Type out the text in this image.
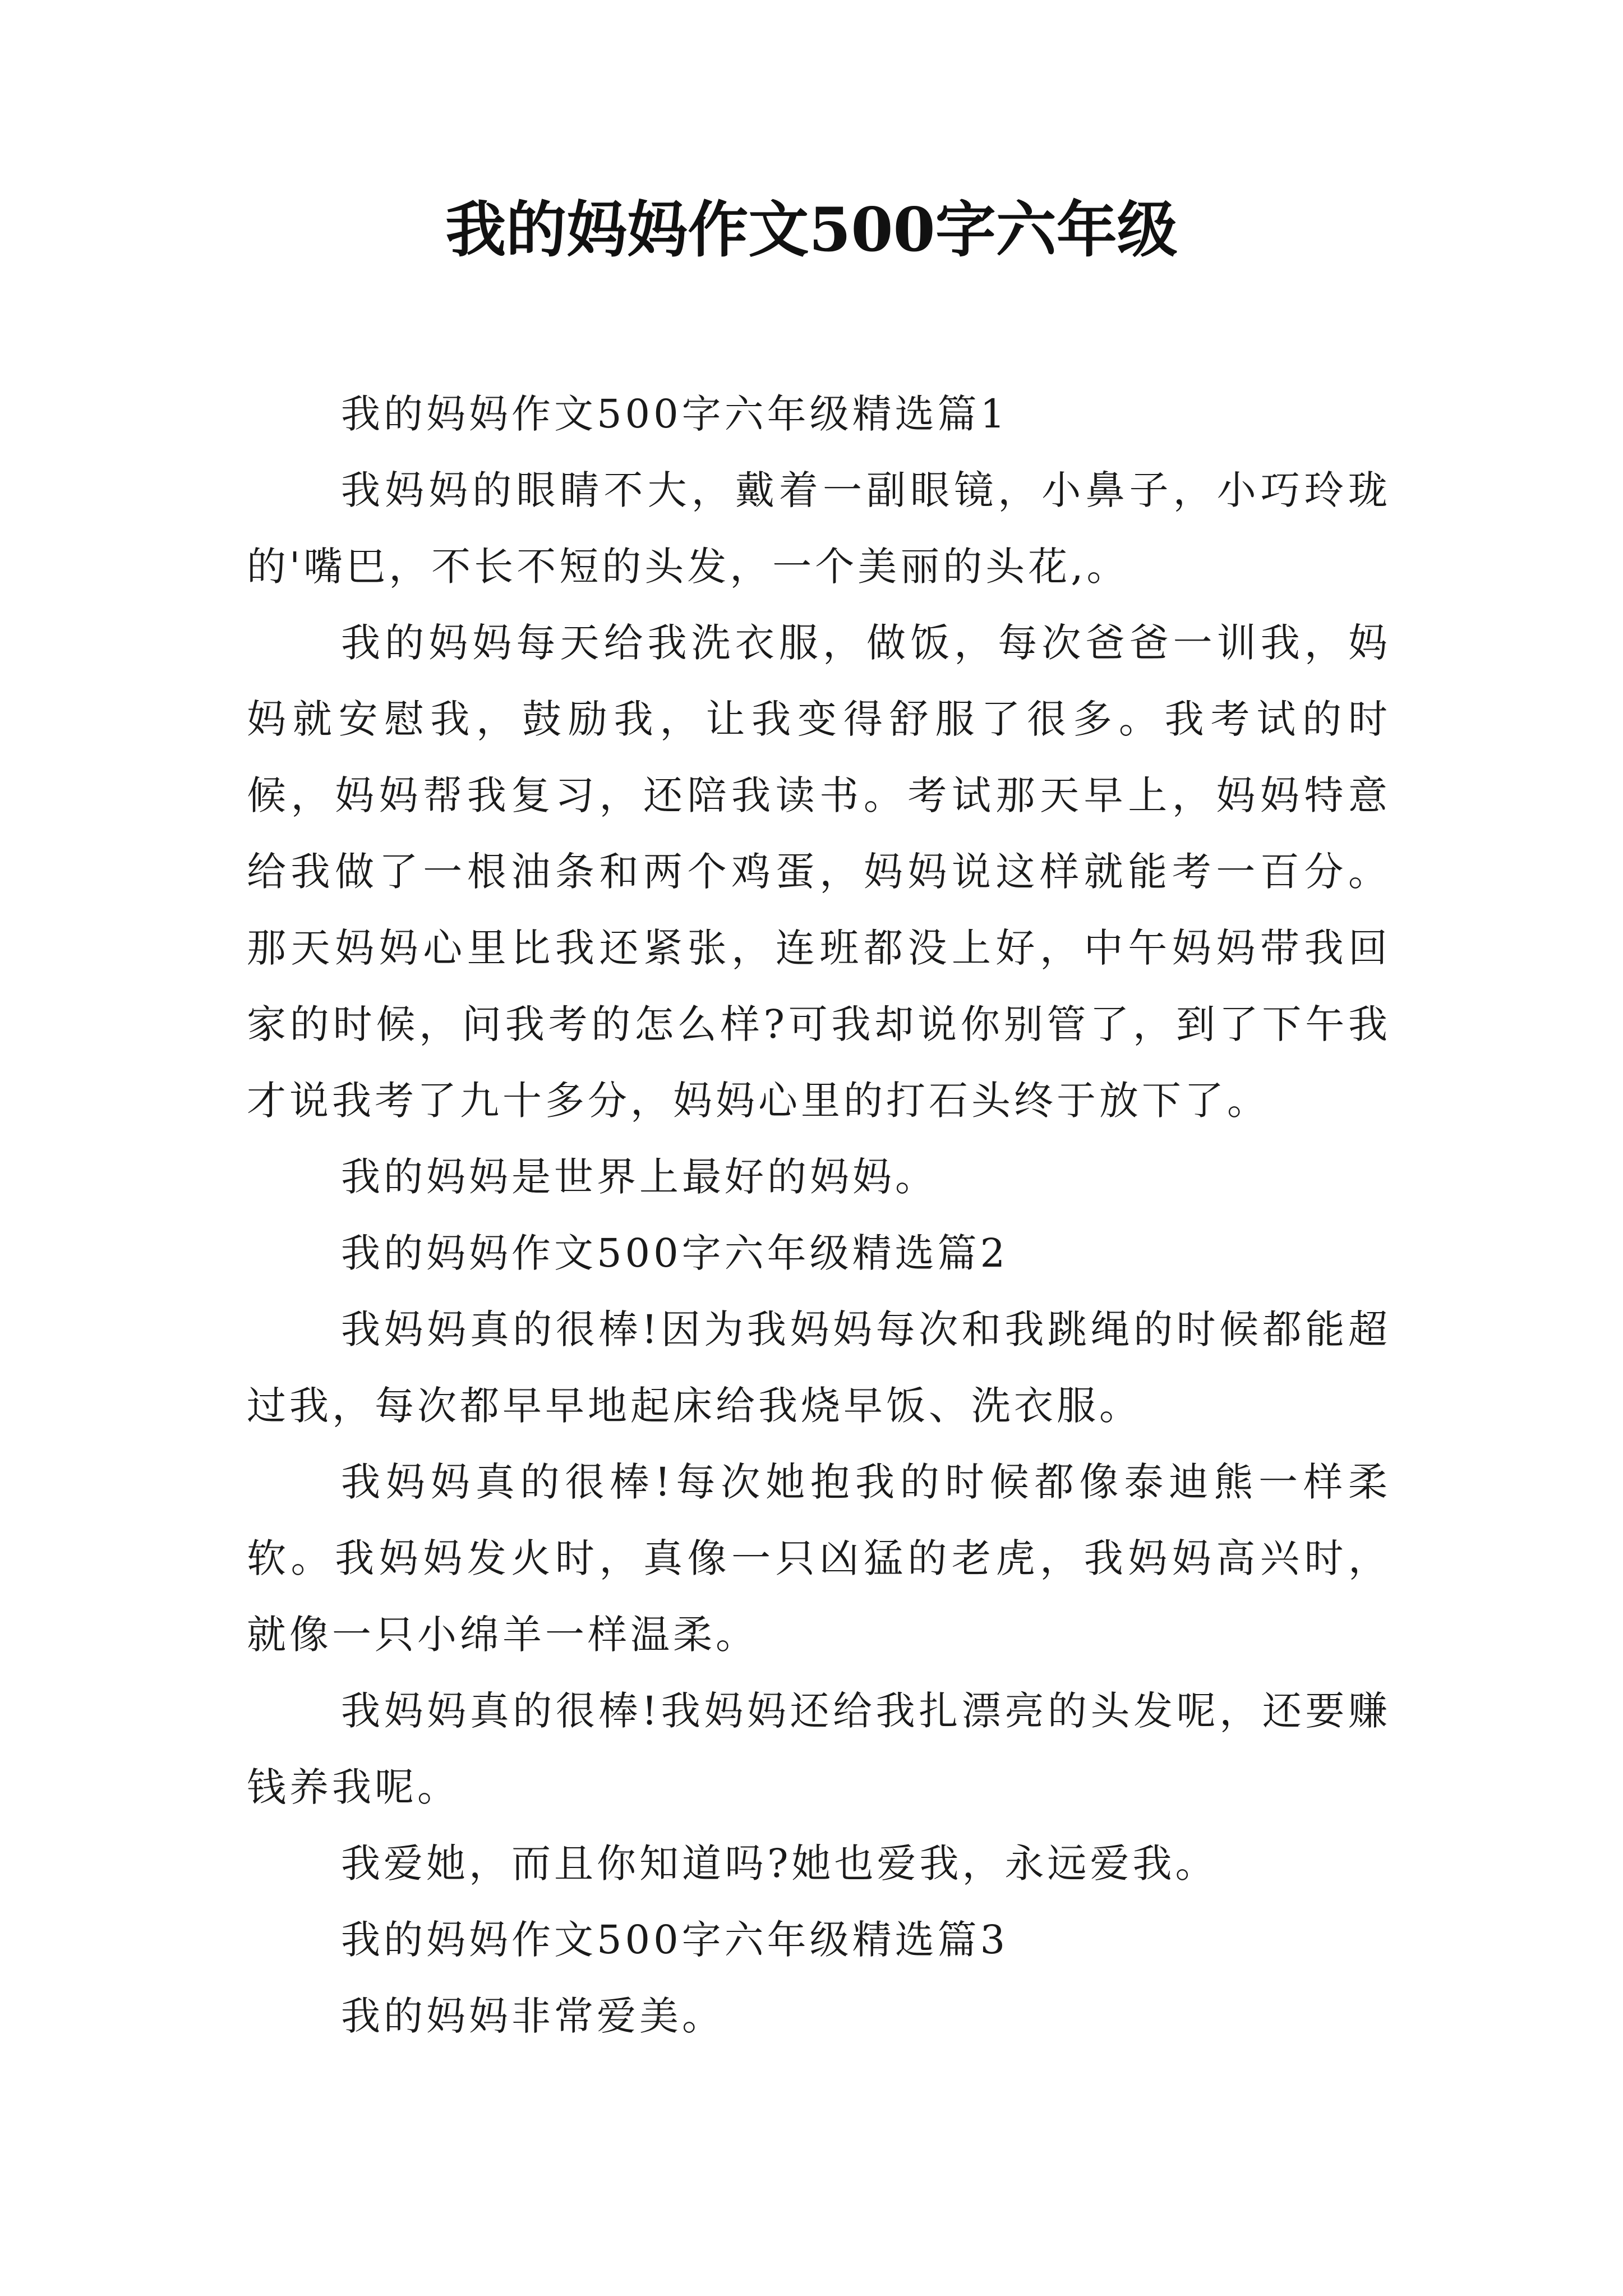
我的妈妈作文500字六年级

我的妈妈作文500字六年级精选篇1

我妈妈的眼睛不大，戴着一副眼镜，小鼻子，小巧玲珑的'嘴巴，不长不短的头发，一个美丽的头花,。

我的妈妈每天给我洗衣服，做饭，每次爸爸一训我，妈妈就安慰我，鼓励我，让我变得舒服了很多。我考试的时候，妈妈帮我复习，还陪我读书。考试那天早上，妈妈特意给我做了一根油条和两个鸡蛋，妈妈说这样就能考一百分。那天妈妈心里比我还紧张，连班都没上好，中午妈妈带我回家的时候，问我考的怎么样?可我却说你别管了，到了下午我才说我考了九十多分，妈妈心里的打石头终于放下了。

我的妈妈是世界上最好的妈妈。

我的妈妈作文500字六年级精选篇2

我妈妈真的很棒!因为我妈妈每次和我跳绳的时候都能超过我，每次都早早地起床给我烧早饭、洗衣服。

我妈妈真的很棒!每次她抱我的时候都像泰迪熊一样柔软。我妈妈发火时，真像一只凶猛的老虎，我妈妈高兴时，就像一只小绵羊一样温柔。

我妈妈真的很棒!我妈妈还给我扎漂亮的头发呢，还要赚钱养我呢。

我爱她，而且你知道吗?她也爱我，永远爱我。

我的妈妈作文500字六年级精选篇3

我的妈妈非常爱美。
